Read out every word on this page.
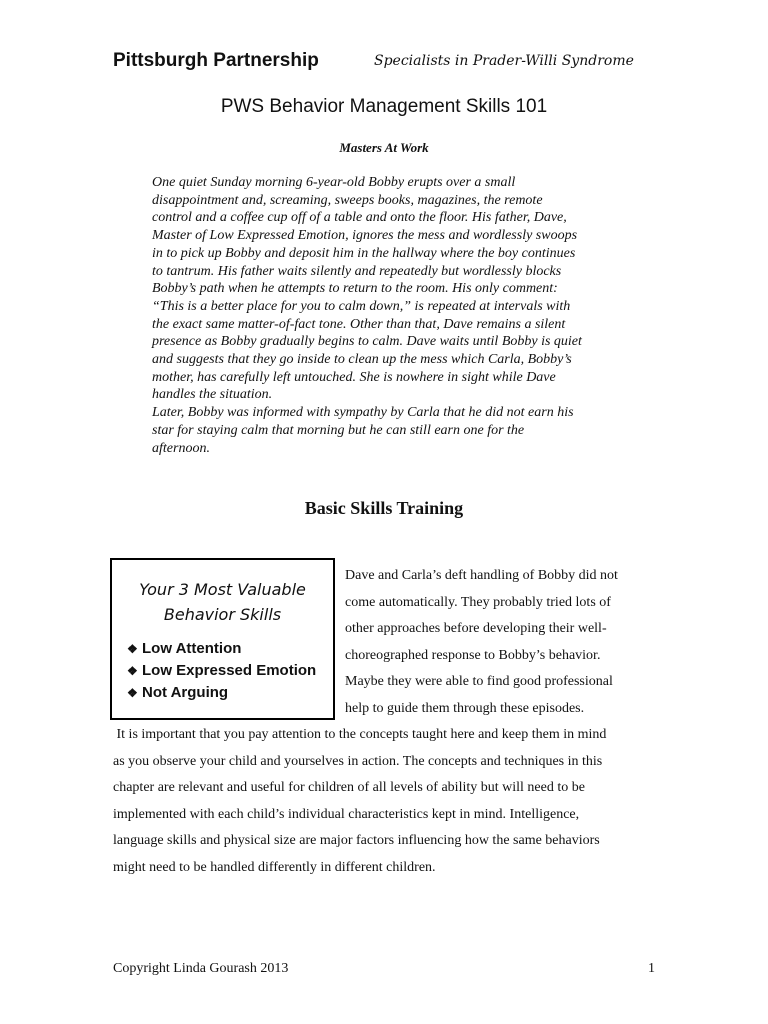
Pittsburgh Partnership	Specialists in Prader-Willi Syndrome
PWS Behavior Management Skills 101
Masters At Work
One quiet Sunday morning 6-year-old Bobby erupts over a small
disappointment and, screaming, sweeps books, magazines, the remote
control and a coffee cup off of a table and onto the floor. His father, Dave,
Master of Low Expressed Emotion, ignores the mess and wordlessly swoops
in to pick up Bobby and deposit him in the hallway where the boy continues
to tantrum. His father waits silently and repeatedly but wordlessly blocks
Bobby’s path when he attempts to return to the room. His only comment:
“This is a better place for you to calm down,” is repeated at intervals with
the exact same matter-of-fact tone. Other than that, Dave remains a silent
presence as Bobby gradually begins to calm. Dave waits until Bobby is quiet
and suggests that they go inside to clean up the mess which Carla, Bobby’s
mother, has carefully left untouched. She is nowhere in sight while Dave
handles the situation.
Later, Bobby was informed with sympathy by Carla that he did not earn his
star for staying calm that morning but he can still earn one for the
afternoon.
Basic Skills Training
Your 3 Most Valuable
Behavior Skills
❖ Low Attention
❖ Low Expressed Emotion
❖ Not Arguing
Dave and Carla’s deft handling of Bobby did not
come automatically. They probably tried lots of
other approaches before developing their well-
choreographed response to Bobby’s behavior.
Maybe they were able to find good professional
help to guide them through these episodes.
It is important that you pay attention to the concepts taught here and keep them in mind
as you observe your child and yourselves in action. The concepts and techniques in this
chapter are relevant and useful for children of all levels of ability but will need to be
implemented with each child’s individual characteristics kept in mind. Intelligence,
language skills and physical size are major factors influencing how the same behaviors
might need to be handled differently in different children.
Copyright Linda Gourash 2013	1
